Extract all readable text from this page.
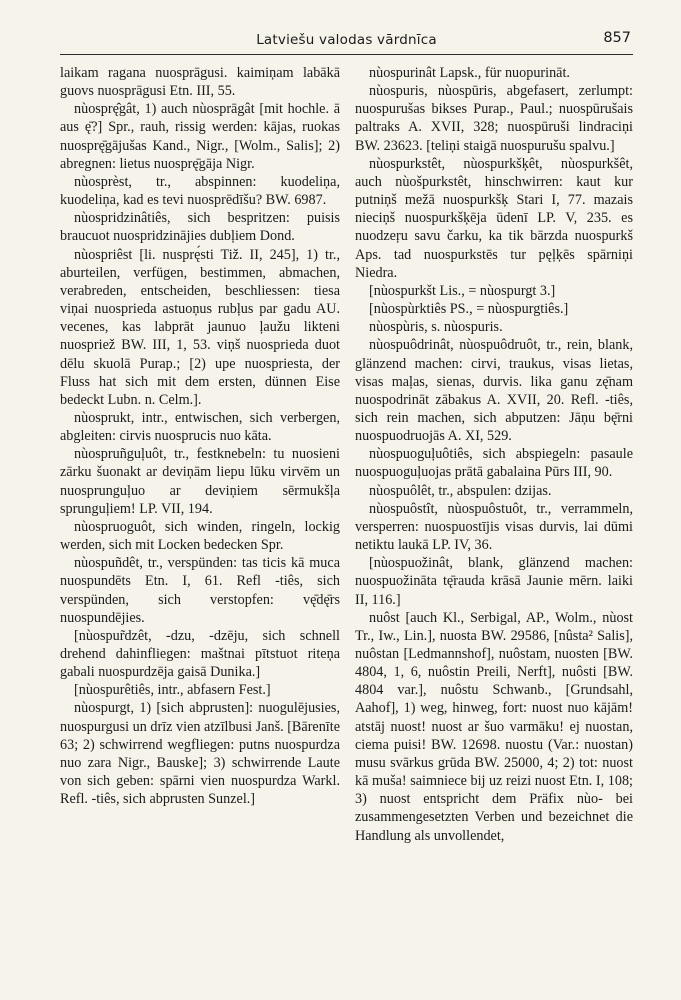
Latviešu valodas vārdnīca	857

laikam ragana nuosprāgusi. kaimiņam labākā guovs nuosprāgusi Etn. III, 55.

nùosprę̂gât, 1) auch nùosprāgât [mit hochle. ā aus ę̄?] Spr., rauh, rissig werden: kājas, ruokas nuosprę̄gājušas Kand., Nigr., [Wolm., Salis]; 2) abregnen: lietus nuosprę̄gāja Nigr.

nùosprèst, tr., abspinnen: kuodeliņa, kuodeliņa, kad es tevi nuosprēdīšu? BW. 6987.

nùospridzinâtiês, sich bespritzen: puisis braucuot nuospridzinājies dubļiem Dond.

nùospriêst [li. nusprę́sti Tiž. II, 245], 1) tr., aburteilen, verfügen, bestimmen, abmachen, verabreden, entscheiden, beschliessen: tiesa viņai nuosprieda astuoņus rubļus par gadu AU. vecenes, kas labprāt jaunuo ļaužu likteni nuospriež BW. III, 1, 53. viņš nuosprieda duot dēlu skuolā Purap.; [2) upe nuospriesta, der Fluss hat sich mit dem ersten, dünnen Eise bedeckt Lubn. n. Celm.].

nùosprukt, intr., entwischen, sich verbergen, abgleiten: cirvis nuosprucis nuo kāta.

nùospruñguļuôt, tr., festknebeln: tu nuosieni zārku šuonakt ar deviņām liepu lūku virvēm un nuosprunguļuo ar deviņiem sērmukšļa sprunguļiem! LP. VII, 194.

nùospruoguôt, sich winden, ringeln, lockig werden, sich mit Locken bedecken Spr.

nùospuñdêt, tr., verspünden: tas ticis kā muca nuospundēts Etn. I, 61. Refl -tiês, sich verspünden, sich verstopfen: vę̄dę̄rs nuospundējies.

[nùospur̃dzêt, -dzu, -dzēju, sich schnell drehend dahinfliegen: maštnai pītstuot riteņa gabali nuospurdzēja gaisā Dunika.]

[nùospurêtiês, intr., abfasern Fest.]

nùospurgt, 1) [sich abprusten]: nuogulējusies, nuospurgusi un drīz vien atzīlbusi Janš. [Bārenīte 63; 2) schwirrend wegfliegen: putns nuospurdza nuo zara Nigr., Bauske]; 3) schwirrende Laute von sich geben: spārni vien nuospurdza Warkl. Refl. -tiês, sich abprusten Sunzel.]

nùospurinât Lapsk., für nuopurināt.

nùospuris, nùospūris, abgefasert, zerlumpt: nuospurušas bikses Purap., Paul.; nuospūrušais paltraks A. XVII, 328; nuospūruši lindraciņi BW. 23623. [teliņi staigā nuospurušu spalvu.]

nùospurkstêt, nùospurkšķêt, nùospurkšêt, auch nùošpurkstêt, hinschwirren: kaut kur putniņš mežā nuospurkšķ Stari I, 77. mazais nieciņš nuospurkšķēja ūdenī LP. V, 235. es nuodzeŗu savu čarku, ka tik bārzda nuospurkš Aps. tad nuospurkstēs tur pęļķēs spārniņi Niedra.

[nùospurkšt Lis., = nùospurgt 3.]

[nùospùrktiês PS., = nùospurgtiês.]

nùospùris, s. nùospuris.

nùospuôdrinât, nùospuôdruôt, tr., rein, blank, glänzend machen: cirvi, traukus, visas lietas, visas maļas, sienas, durvis. lika ganu zę̄nam nuospodrināt zābakus A. XVII, 20. Refl. -tiês, sich rein machen, sich abputzen: Jāņu bę̄rni nuospuodruojās A. XI, 529.

nùospuoguļuôtiês, sich abspiegeln: pasaule nuospuoguļuojas prātā gabalaina Pūrs III, 90.

nùospuôlêt, tr., abspulen: dzijas.

nùospuôstît, nùospuôstuôt, tr., verrammeln, versperren: nuospuostījis visas durvis, lai dūmi netiktu laukā LP. IV, 36.

[nùospuožinât, blank, glänzend machen: nuospuožināta tę̄rauda krāsā Jaunie mērn. laiki II, 116.]

nuôst [auch Kl., Serbigal, AP., Wolm., nùost Tr., Iw., Lin.], nuosta BW. 29586, [nûsta² Salis], nuôstan [Ledmannshof], nuôstam, nuosten [BW. 4804, 1, 6, nuôstin Preili, Nerft], nuôsti [BW. 4804 var.], nuôstu Schwanb., [Grundsahl, Aahof], 1) weg, hinweg, fort: nuost nuo kājām! atstāj nuost! nuost ar šuo varmāku! ej nuostan, ciema puisi! BW. 12698. nuostu (Var.: nuostan) musu svārkus grūda BW. 25000, 4; 2) tot: nuost kā muša! saimniece bij uz reizi nuost Etn. I, 108; 3) nuost entspricht dem Präfix nùo- bei zusammengesetzten Verben und bezeichnet die Handlung als unvollendet,
